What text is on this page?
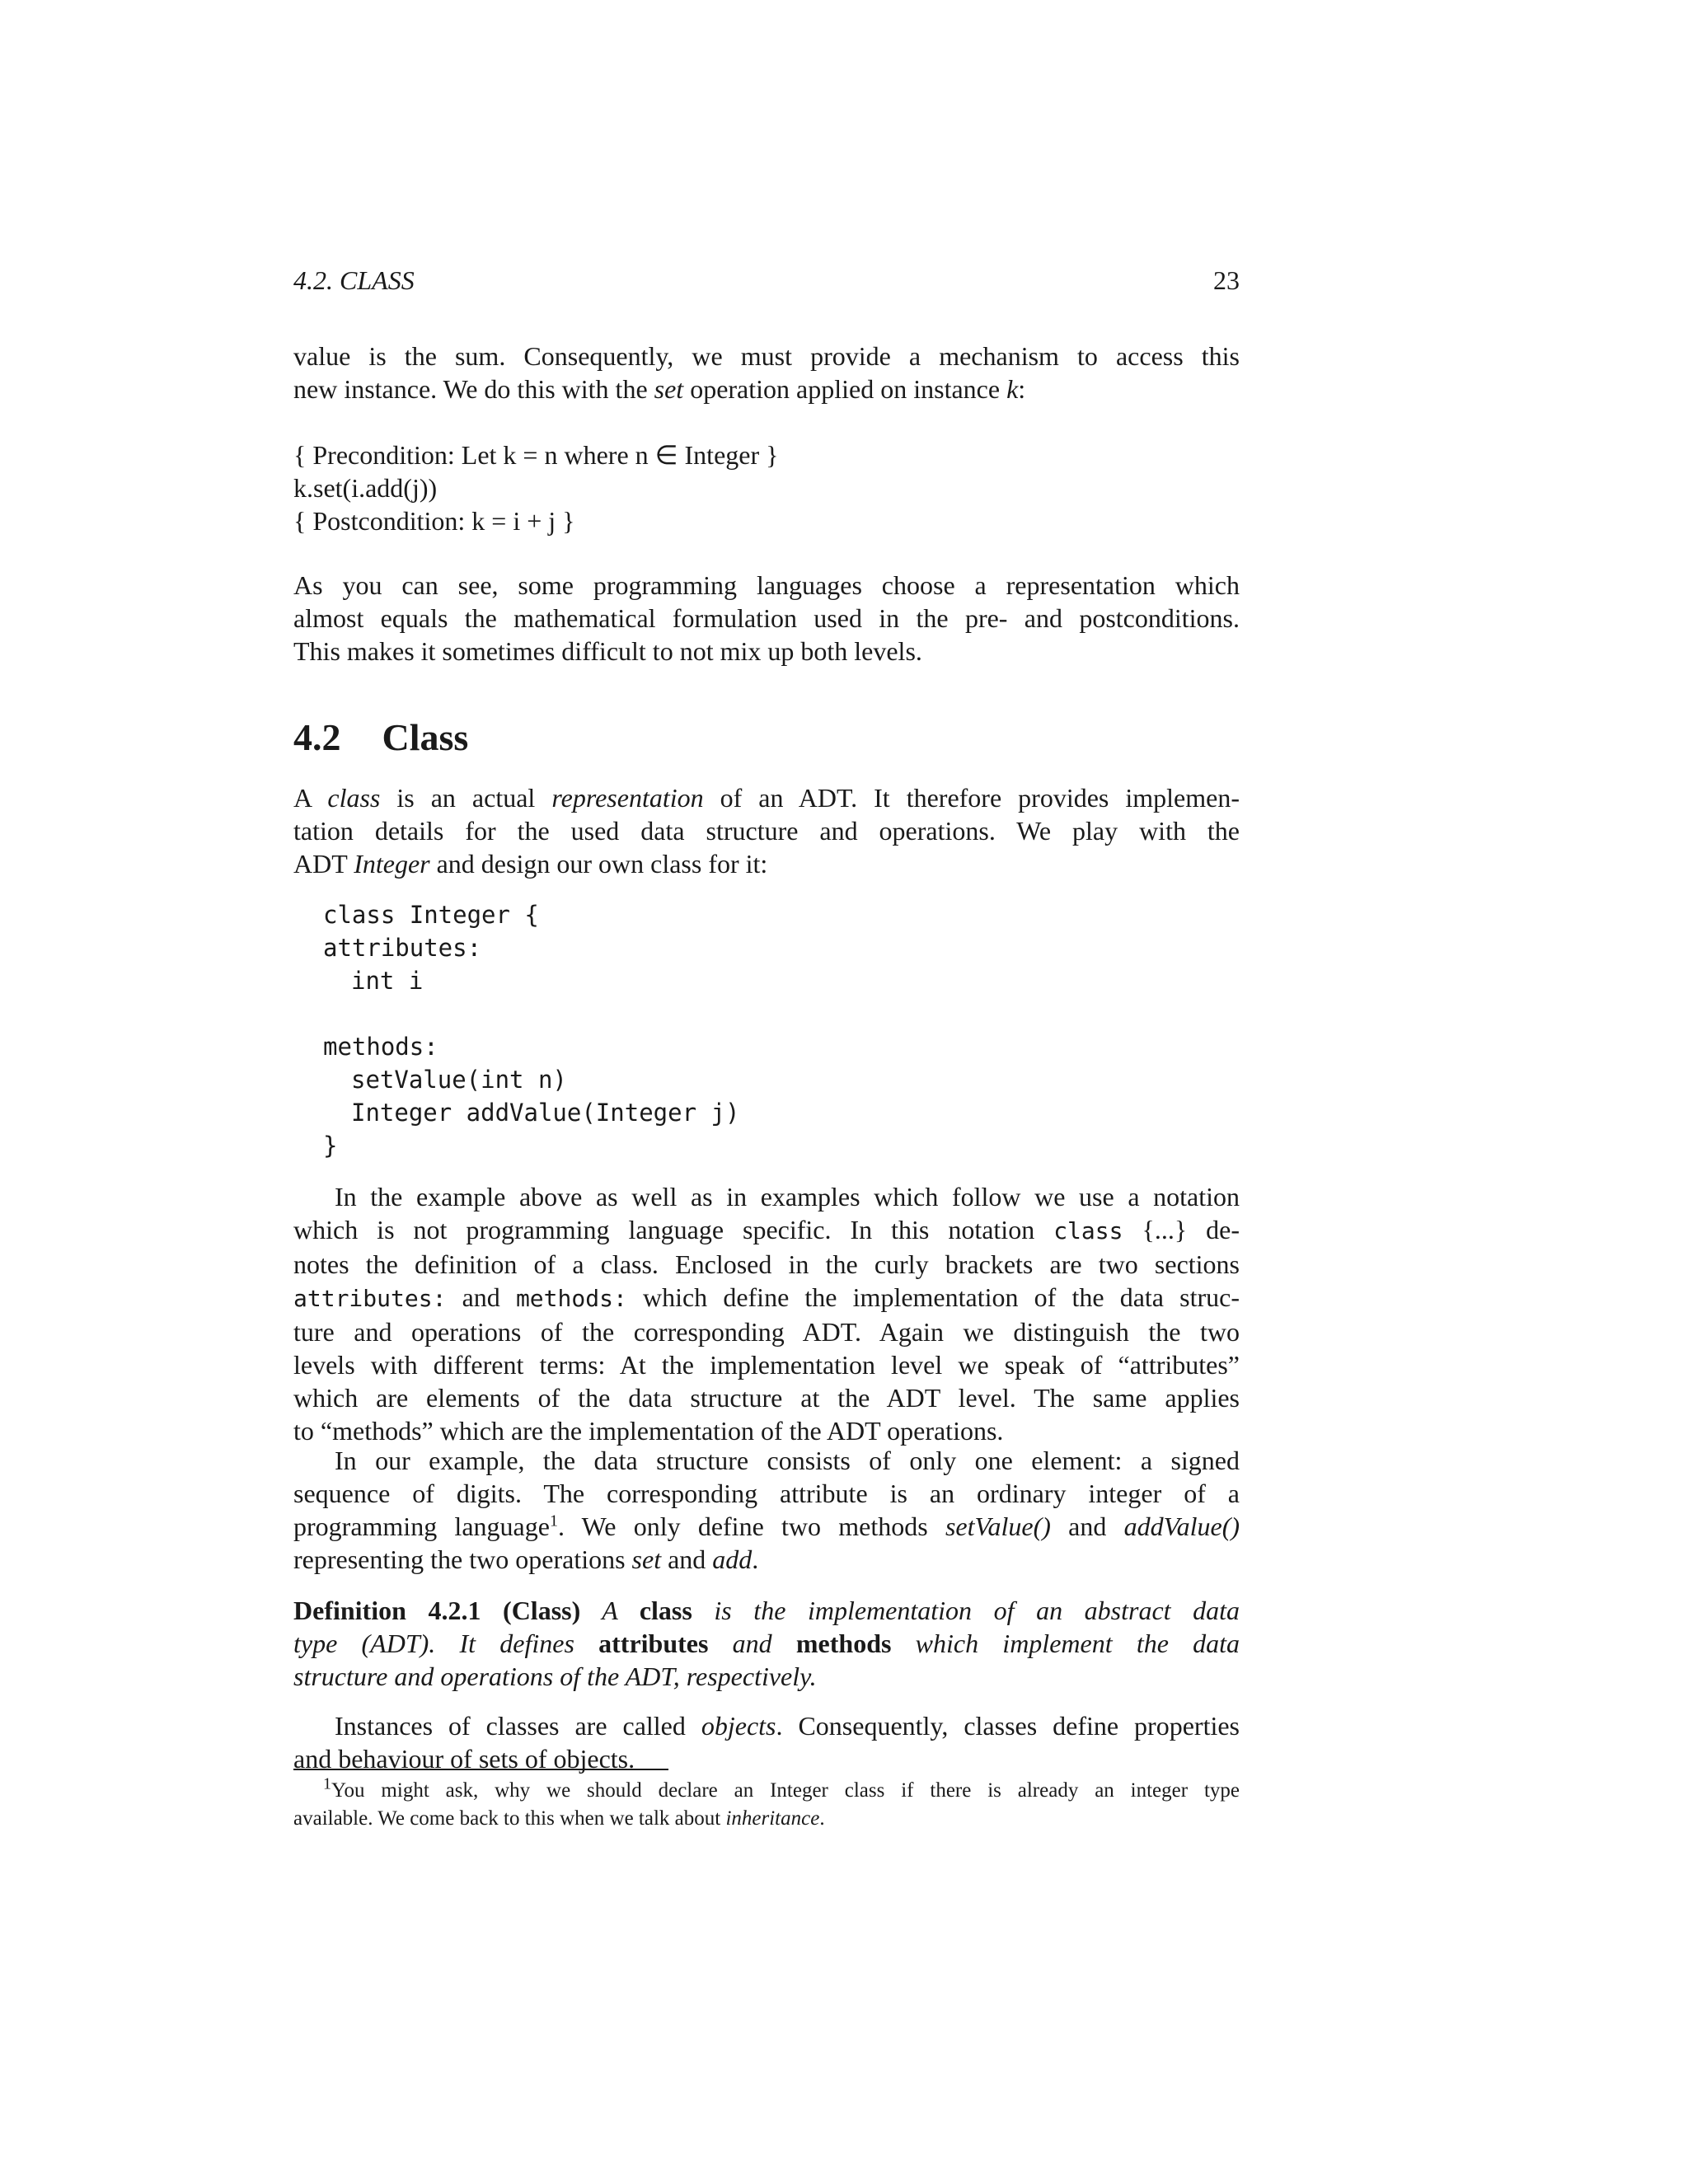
4.2. CLASS	23
value is the sum. Consequently, we must provide a mechanism to access this
new instance. We do this with the set operation applied on instance k:
{ Precondition: Let k = n where n ∈ Integer }
k.set(i.add(j))
{ Postcondition: k = i + j }
As you can see, some programming languages choose a representation which
almost equals the mathematical formulation used in the pre- and postconditions.
This makes it sometimes difficult to not mix up both levels.
4.2 Class
A class is an actual representation of an ADT. It therefore provides implemen-
tation details for the used data structure and operations. We play with the
ADT Integer and design our own class for it:
class Integer {
attributes:
int i

methods:
setValue(int n)
Integer addValue(Integer j)
}
In the example above as well as in examples which follow we use a notation
which is not programming language specific. In this notation class {...} de-
notes the definition of a class. Enclosed in the curly brackets are two sections
attributes: and methods: which define the implementation of the data struc-
ture and operations of the corresponding ADT. Again we distinguish the two
levels with different terms: At the implementation level we speak of “attributes”
which are elements of the data structure at the ADT level. The same applies
to “methods” which are the implementation of the ADT operations.
In our example, the data structure consists of only one element: a signed
sequence of digits. The corresponding attribute is an ordinary integer of a
programming language$^1$. We only define two methods setValue() and addValue()
representing the two operations set and add.
Definition 4.2.1 (Class) A class is the implementation of an abstract data
type (ADT). It defines attributes and methods which implement the data
structure and operations of the ADT, respectively.
Instances of classes are called objects. Consequently, classes define properties
and behaviour of sets of objects.
$^1$You might ask, why we should declare an Integer class if there is already an integer type
available. We come back to this when we talk about inheritance.
